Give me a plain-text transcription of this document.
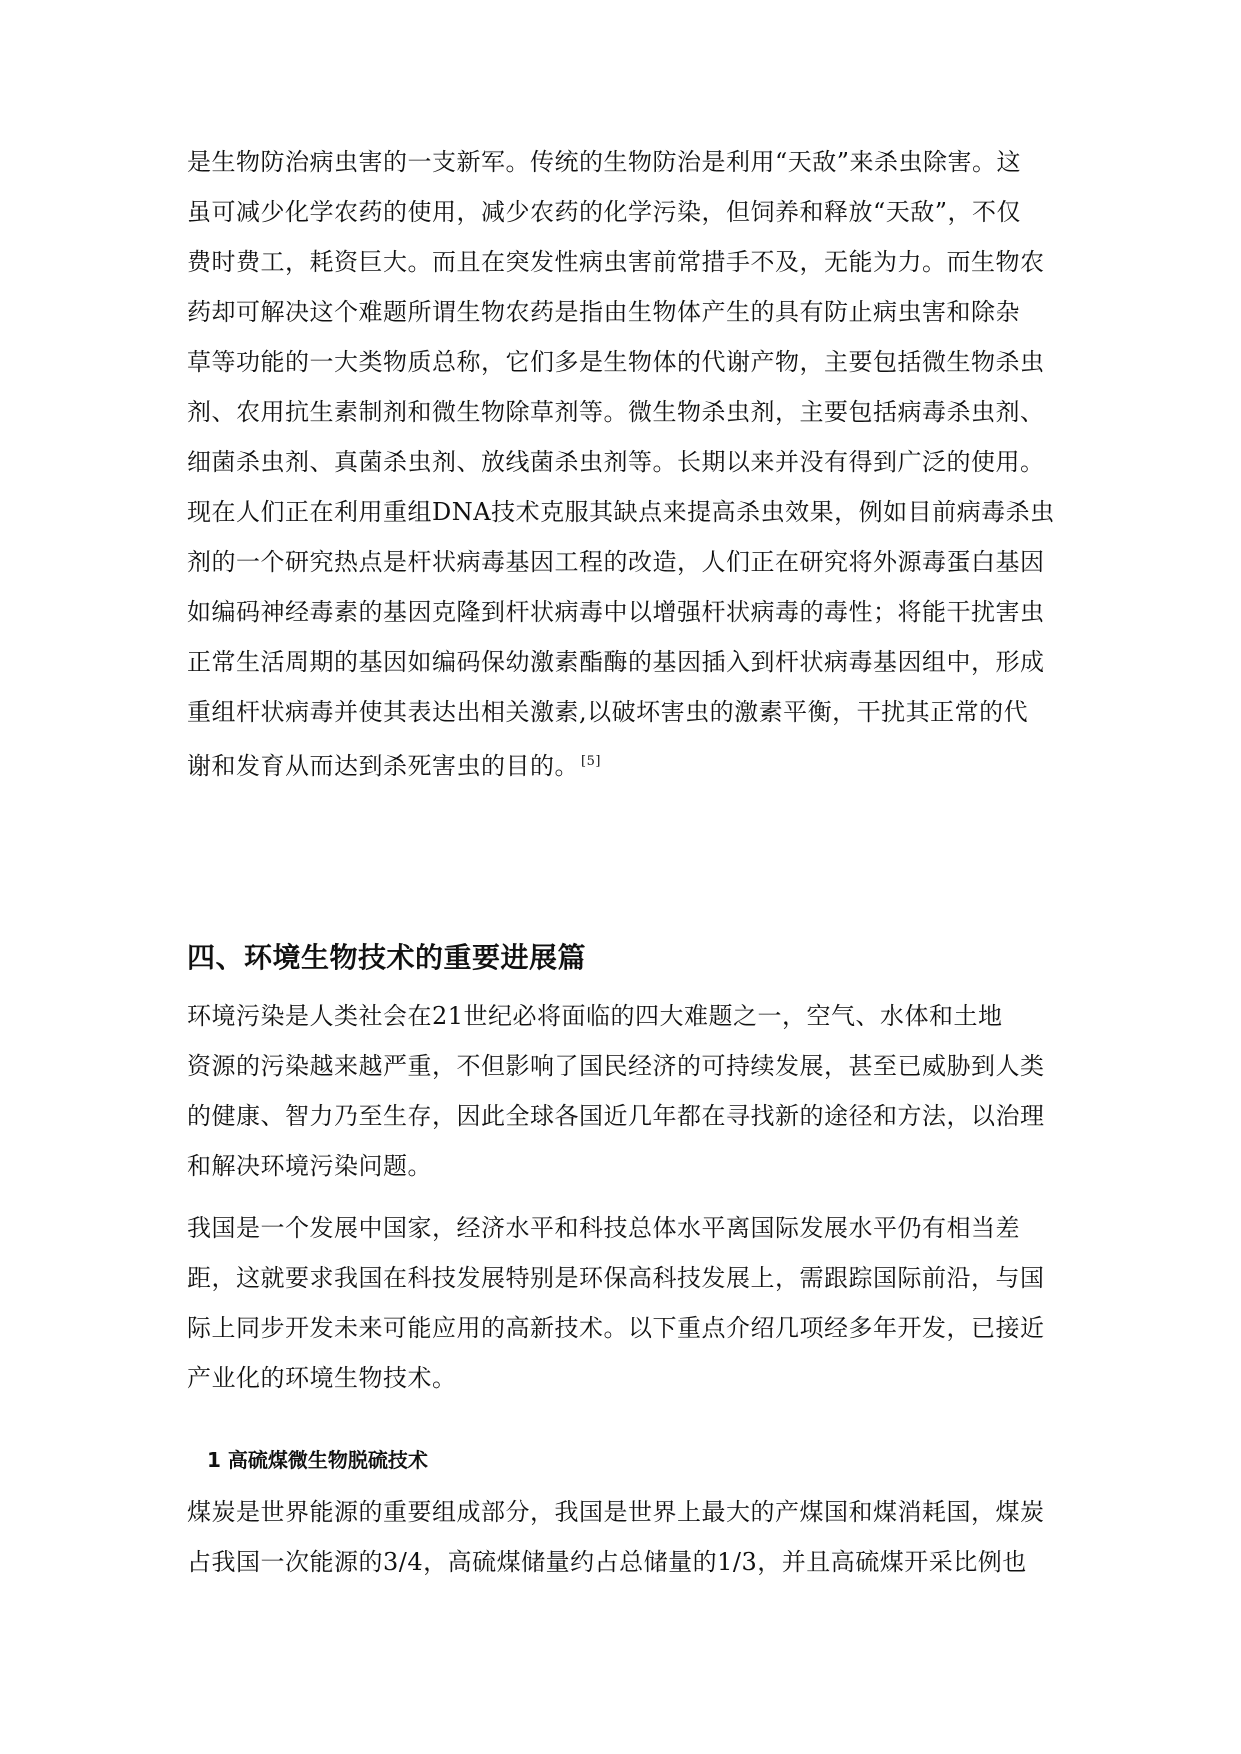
是生物防治病虫害的一支新军。传统的生物防治是利用“天敌”来杀虫除害。这
虽可减少化学农药的使用，减少农药的化学污染，但饲养和释放“天敌”，不仅
费时费工，耗资巨大。而且在突发性病虫害前常措手不及，无能为力。而生物农
药却可解决这个难题所谓生物农药是指由生物体产生的具有防止病虫害和除杂
草等功能的一大类物质总称，它们多是生物体的代谢产物，主要包括微生物杀虫
剂、农用抗生素制剂和微生物除草剂等。微生物杀虫剂，主要包括病毒杀虫剂、
细菌杀虫剂、真菌杀虫剂、放线菌杀虫剂等。长期以来并没有得到广泛的使用。
现在人们正在利用重组DNA技术克服其缺点来提高杀虫效果，例如目前病毒杀虫
剂的一个研究热点是杆状病毒基因工程的改造，人们正在研究将外源毒蛋白基因
如编码神经毒素的基因克隆到杆状病毒中以增强杆状病毒的毒性；将能干扰害虫
正常生活周期的基因如编码保幼激素酯酶的基因插入到杆状病毒基因组中，形成
重组杆状病毒并使其表达出相关激素,以破坏害虫的激素平衡，干扰其正常的代
谢和发育从而达到杀死害虫的目的。 [5]
四、环境生物技术的重要进展篇
环境污染是人类社会在21世纪必将面临的四大难题之一，空气、水体和土地
资源的污染越来越严重，不但影响了国民经济的可持续发展，甚至已威胁到人类
的健康、智力乃至生存，因此全球各国近几年都在寻找新的途径和方法，以治理
和解决环境污染问题。
我国是一个发展中国家，经济水平和科技总体水平离国际发展水平仍有相当差
距，这就要求我国在科技发展特别是环保高科技发展上，需跟踪国际前沿，与国
际上同步开发未来可能应用的高新技术。以下重点介绍几项经多年开发，已接近
产业化的环境生物技术。
1 高硫煤微生物脱硫技术
煤炭是世界能源的重要组成部分，我国是世界上最大的产煤国和煤消耗国，煤炭
占我国一次能源的3/4，高硫煤储量约占总储量的1/3，并且高硫煤开采比例也
